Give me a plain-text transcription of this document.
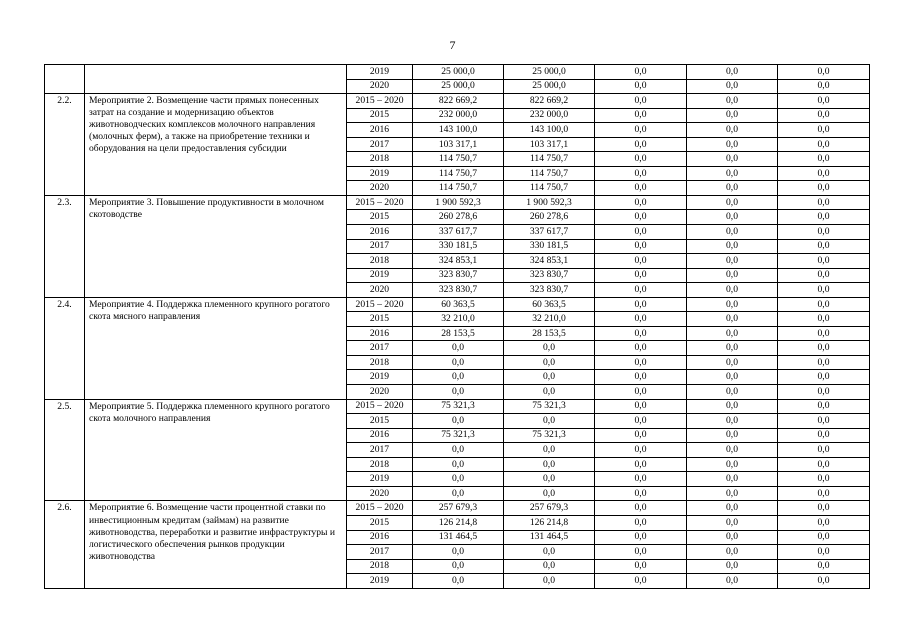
7
		2019	25 000,0	25 000,0	0,0	0,0	0,0
		2020	25 000,0	25 000,0	0,0	0,0	0,0
2.2.	Мероприятие 2. Возмещение части прямых понесенных затрат на создание и модернизацию объектов животноводческих комплексов молочного направления (молочных ферм), а также на приобретение техники и оборудования на цели предоставления субсидии	2015 – 2020	822 669,2	822 669,2	0,0	0,0	0,0
		2015	232 000,0	232 000,0	0,0	0,0	0,0
		2016	143 100,0	143 100,0	0,0	0,0	0,0
		2017	103 317,1	103 317,1	0,0	0,0	0,0
		2018	114 750,7	114 750,7	0,0	0,0	0,0
		2019	114 750,7	114 750,7	0,0	0,0	0,0
		2020	114 750,7	114 750,7	0,0	0,0	0,0
2.3.	Мероприятие 3. Повышение продуктивности в молочном скотоводстве	2015 – 2020	1 900 592,3	1 900 592,3	0,0	0,0	0,0
		2015	260 278,6	260 278,6	0,0	0,0	0,0
		2016	337 617,7	337 617,7	0,0	0,0	0,0
		2017	330 181,5	330 181,5	0,0	0,0	0,0
		2018	324 853,1	324 853,1	0,0	0,0	0,0
		2019	323 830,7	323 830,7	0,0	0,0	0,0
		2020	323 830,7	323 830,7	0,0	0,0	0,0
2.4.	Мероприятие 4. Поддержка племенного крупного рогатого скота мясного направления	2015 – 2020	60 363,5	60 363,5	0,0	0,0	0,0
		2015	32 210,0	32 210,0	0,0	0,0	0,0
		2016	28 153,5	28 153,5	0,0	0,0	0,0
		2017	0,0	0,0	0,0	0,0	0,0
		2018	0,0	0,0	0,0	0,0	0,0
		2019	0,0	0,0	0,0	0,0	0,0
		2020	0,0	0,0	0,0	0,0	0,0
2.5.	Мероприятие 5. Поддержка племенного крупного рогатого скота молочного направления	2015 – 2020	75 321,3	75 321,3	0,0	0,0	0,0
		2015	0,0	0,0	0,0	0,0	0,0
		2016	75 321,3	75 321,3	0,0	0,0	0,0
		2017	0,0	0,0	0,0	0,0	0,0
		2018	0,0	0,0	0,0	0,0	0,0
		2019	0,0	0,0	0,0	0,0	0,0
		2020	0,0	0,0	0,0	0,0	0,0
2.6.	Мероприятие 6. Возмещение части процентной ставки по инвестиционным кредитам (займам) на развитие животноводства, переработки и развитие инфраструктуры и логистического обеспечения рынков продукции животноводства	2015 – 2020	257 679,3	257 679,3	0,0	0,0	0,0
		2015	126 214,8	126 214,8	0,0	0,0	0,0
		2016	131 464,5	131 464,5	0,0	0,0	0,0
		2017	0,0	0,0	0,0	0,0	0,0
		2018	0,0	0,0	0,0	0,0	0,0
		2019	0,0	0,0	0,0	0,0	0,0
